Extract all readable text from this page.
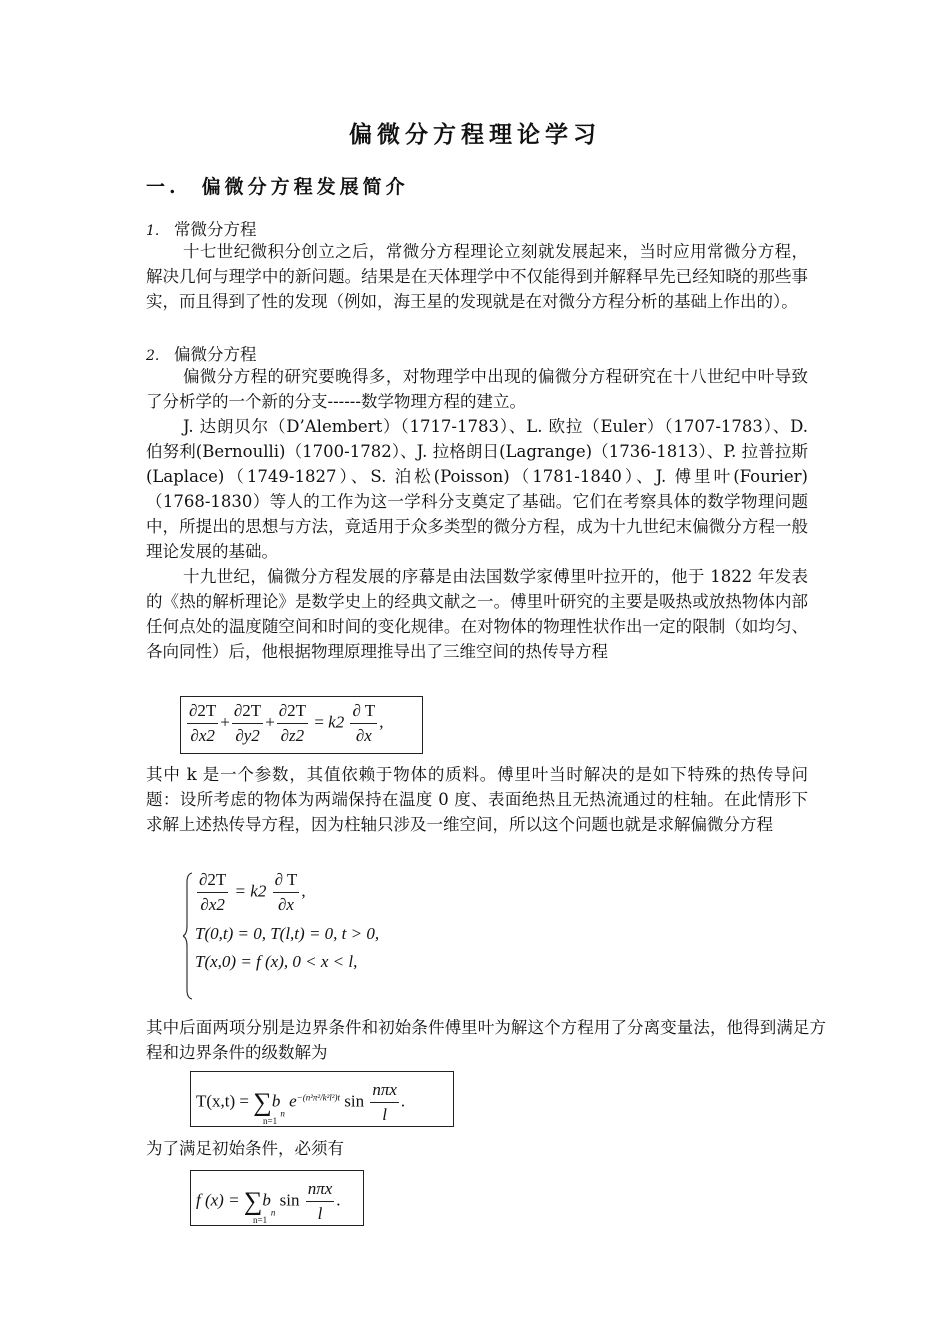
偏微分方程理论学习
一. 偏微分方程发展简介
1. 常微分方程

十七世纪微积分创立之后，常微分方程理论立刻就发展起来，当时应用常微分方程，解决几何与理学中的新问题。结果是在天体理学中不仅能得到并解释早先已经知晓的那些事实，而且得到了性的发现（例如，海王星的发现就是在对微分方程分析的基础上作出的）。

2. 偏微分方程

偏微分方程的研究要晚得多，对物理学中出现的偏微分方程研究在十八世纪中叶导致了分析学的一个新的分支------数学物理方程的建立。

J. 达朗贝尔（D’Alembert）（1717-1783）、L. 欧拉（Euler）（1707-1783）、D. 伯努利(Bernoulli)（1700-1782）、J. 拉格朗日(Lagrange)（1736-1813）、P. 拉普拉斯(Laplace)（1749-1827）、S. 泊松(Poisson)（1781-1840）、J. 傅里叶(Fourier)（1768-1830）等人的工作为这一学科分支奠定了基础。它们在考察具体的数学物理问题中，所提出的思想与方法，竟适用于众多类型的微分方程，成为十九世纪末偏微分方程一般理论发展的基础。

十九世纪，偏微分方程发展的序幕是由法国数学家傅里叶拉开的，他于 1822 年发表的《热的解析理论》是数学史上的经典文献之一。傅里叶研究的主要是吸热或放热物体内部任何点处的温度随空间和时间的变化规律。在对物体的物理性状作出一定的限制（如均匀、各向同性）后，他根据物理原理推导出了三维空间的热传导方程

$\frac{\partial 2T}{\partial x2} + \frac{\partial 2T}{\partial y2} + \frac{\partial 2T}{\partial z2} = k2 \frac{\partial T}{\partial x}$ ,

其中 k 是一个参数，其值依赖于物体的质料。傅里叶当时解决的是如下特殊的热传导问题：设所考虑的物体为两端保持在温度 0 度、表面绝热且无热流通过的柱轴。在此情形下求解上述热传导方程，因为柱轴只涉及一维空间，所以这个问题也就是求解偏微分方程

$\frac{\partial 2T}{\partial x2} = k2 \frac{\partial T}{\partial x}$ ,
T(0,t) = 0, T(l,t) = 0, t > 0,
T(x,0) = f (x), 0 < x < l,

其中后面两项分别是边界条件和初始条件傅里叶为解这个方程用了分离变量法，他得到满足方程和边界条件的级数解为

$T(x,t) = \sum b_n$ $e^{-(n^2\pi^2/k^2l^2)t}$ $\sin \frac{\text{nπx}}{l}$ .
n=1

为了满足初始条件，必须有

f $(x) = \sum b_n$ $\sin \frac{\text{nπx}}{l}$ .
n=1
